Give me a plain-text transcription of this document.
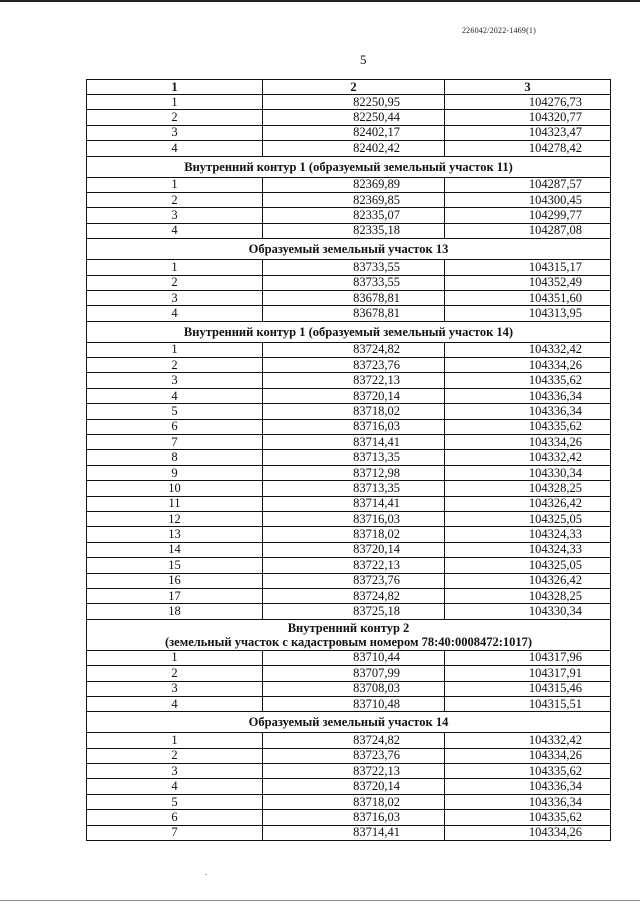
226042/2022-1469(1)
5
1	2	3
1	82250,95	104276,73
2	82250,44	104320,77
3	82402,17	104323,47
4	82402,42	104278,42
Внутренний контур 1 (образуемый земельный участок 11)		
1	82369,89	104287,57
2	82369,85	104300,45
3	82335,07	104299,77
4	82335,18	104287,08
Образуемый земельный участок 13		
1	83733,55	104315,17
2	83733,55	104352,49
3	83678,81	104351,60
4	83678,81	104313,95
Внутренний контур 1 (образуемый земельный участок 14)		
1	83724,82	104332,42
2	83723,76	104334,26
3	83722,13	104335,62
4	83720,14	104336,34
5	83718,02	104336,34
6	83716,03	104335,62
7	83714,41	104334,26
8	83713,35	104332,42
9	83712,98	104330,34
10	83713,35	104328,25
11	83714,41	104326,42
12	83716,03	104325,05
13	83718,02	104324,33
14	83720,14	104324,33
15	83722,13	104325,05
16	83723,76	104326,42
17	83724,82	104328,25
18	83725,18	104330,34

Внутренний контур 2
(земельный участок с кадастровым номером 78:40:0008472:1017)		

1	83710,44	104317,96
2	83707,99	104317,91
3	83708,03	104315,46
4	83710,48	104315,51
Образуемый земельный участок 14		
1	83724,82	104332,42
2	83723,76	104334,26
3	83722,13	104335,62
4	83720,14	104336,34
5	83718,02	104336,34
6	83716,03	104335,62
7	83714,41	104334,26
.
